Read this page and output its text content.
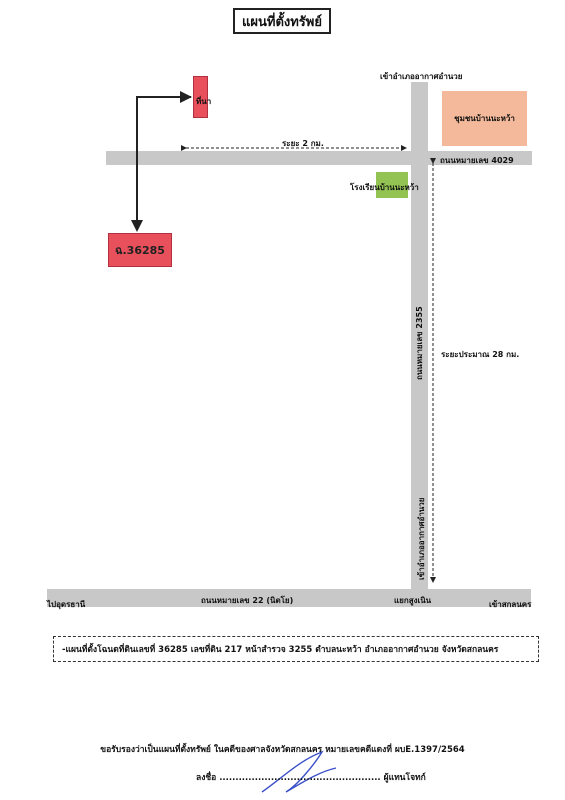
แผนที่ตั้งทรัพย์
ที่นา
ฉ.36285
ชุมชนบ้านนะหว้า
โรงเรียนบ้านนะหว้า
เข้าอำเภออากาศอำนวย
ระยะ 2 กม.
ถนนหมายเลข 4029
ถนนหมายเลข 2355 ระยะประมาณ 28 กม.
เข้าอำเภออากาศอำนวย
ถนนหมายเลข 22 (นิตโย)	แยกสูงเนิน
ไปอุดรธานี	เข้าสกลนคร
-แผนที่ตั้งโฉนดที่ดินเลขที่ 36285 เลขที่ดิน 217 หน้าสำรวจ 3255 ตำบลนะหว้า อำเภออากาศอำนวย จังหวัดสกลนคร
ขอรับรองว่าเป็นแผนที่ตั้งทรัพย์ ในคดีของศาลจังหวัดสกลนคร หมายเลขคดีแดงที่ ผบE.1397/2564
ลงชื่อ .................................................. ผู้แทนโจทก์
